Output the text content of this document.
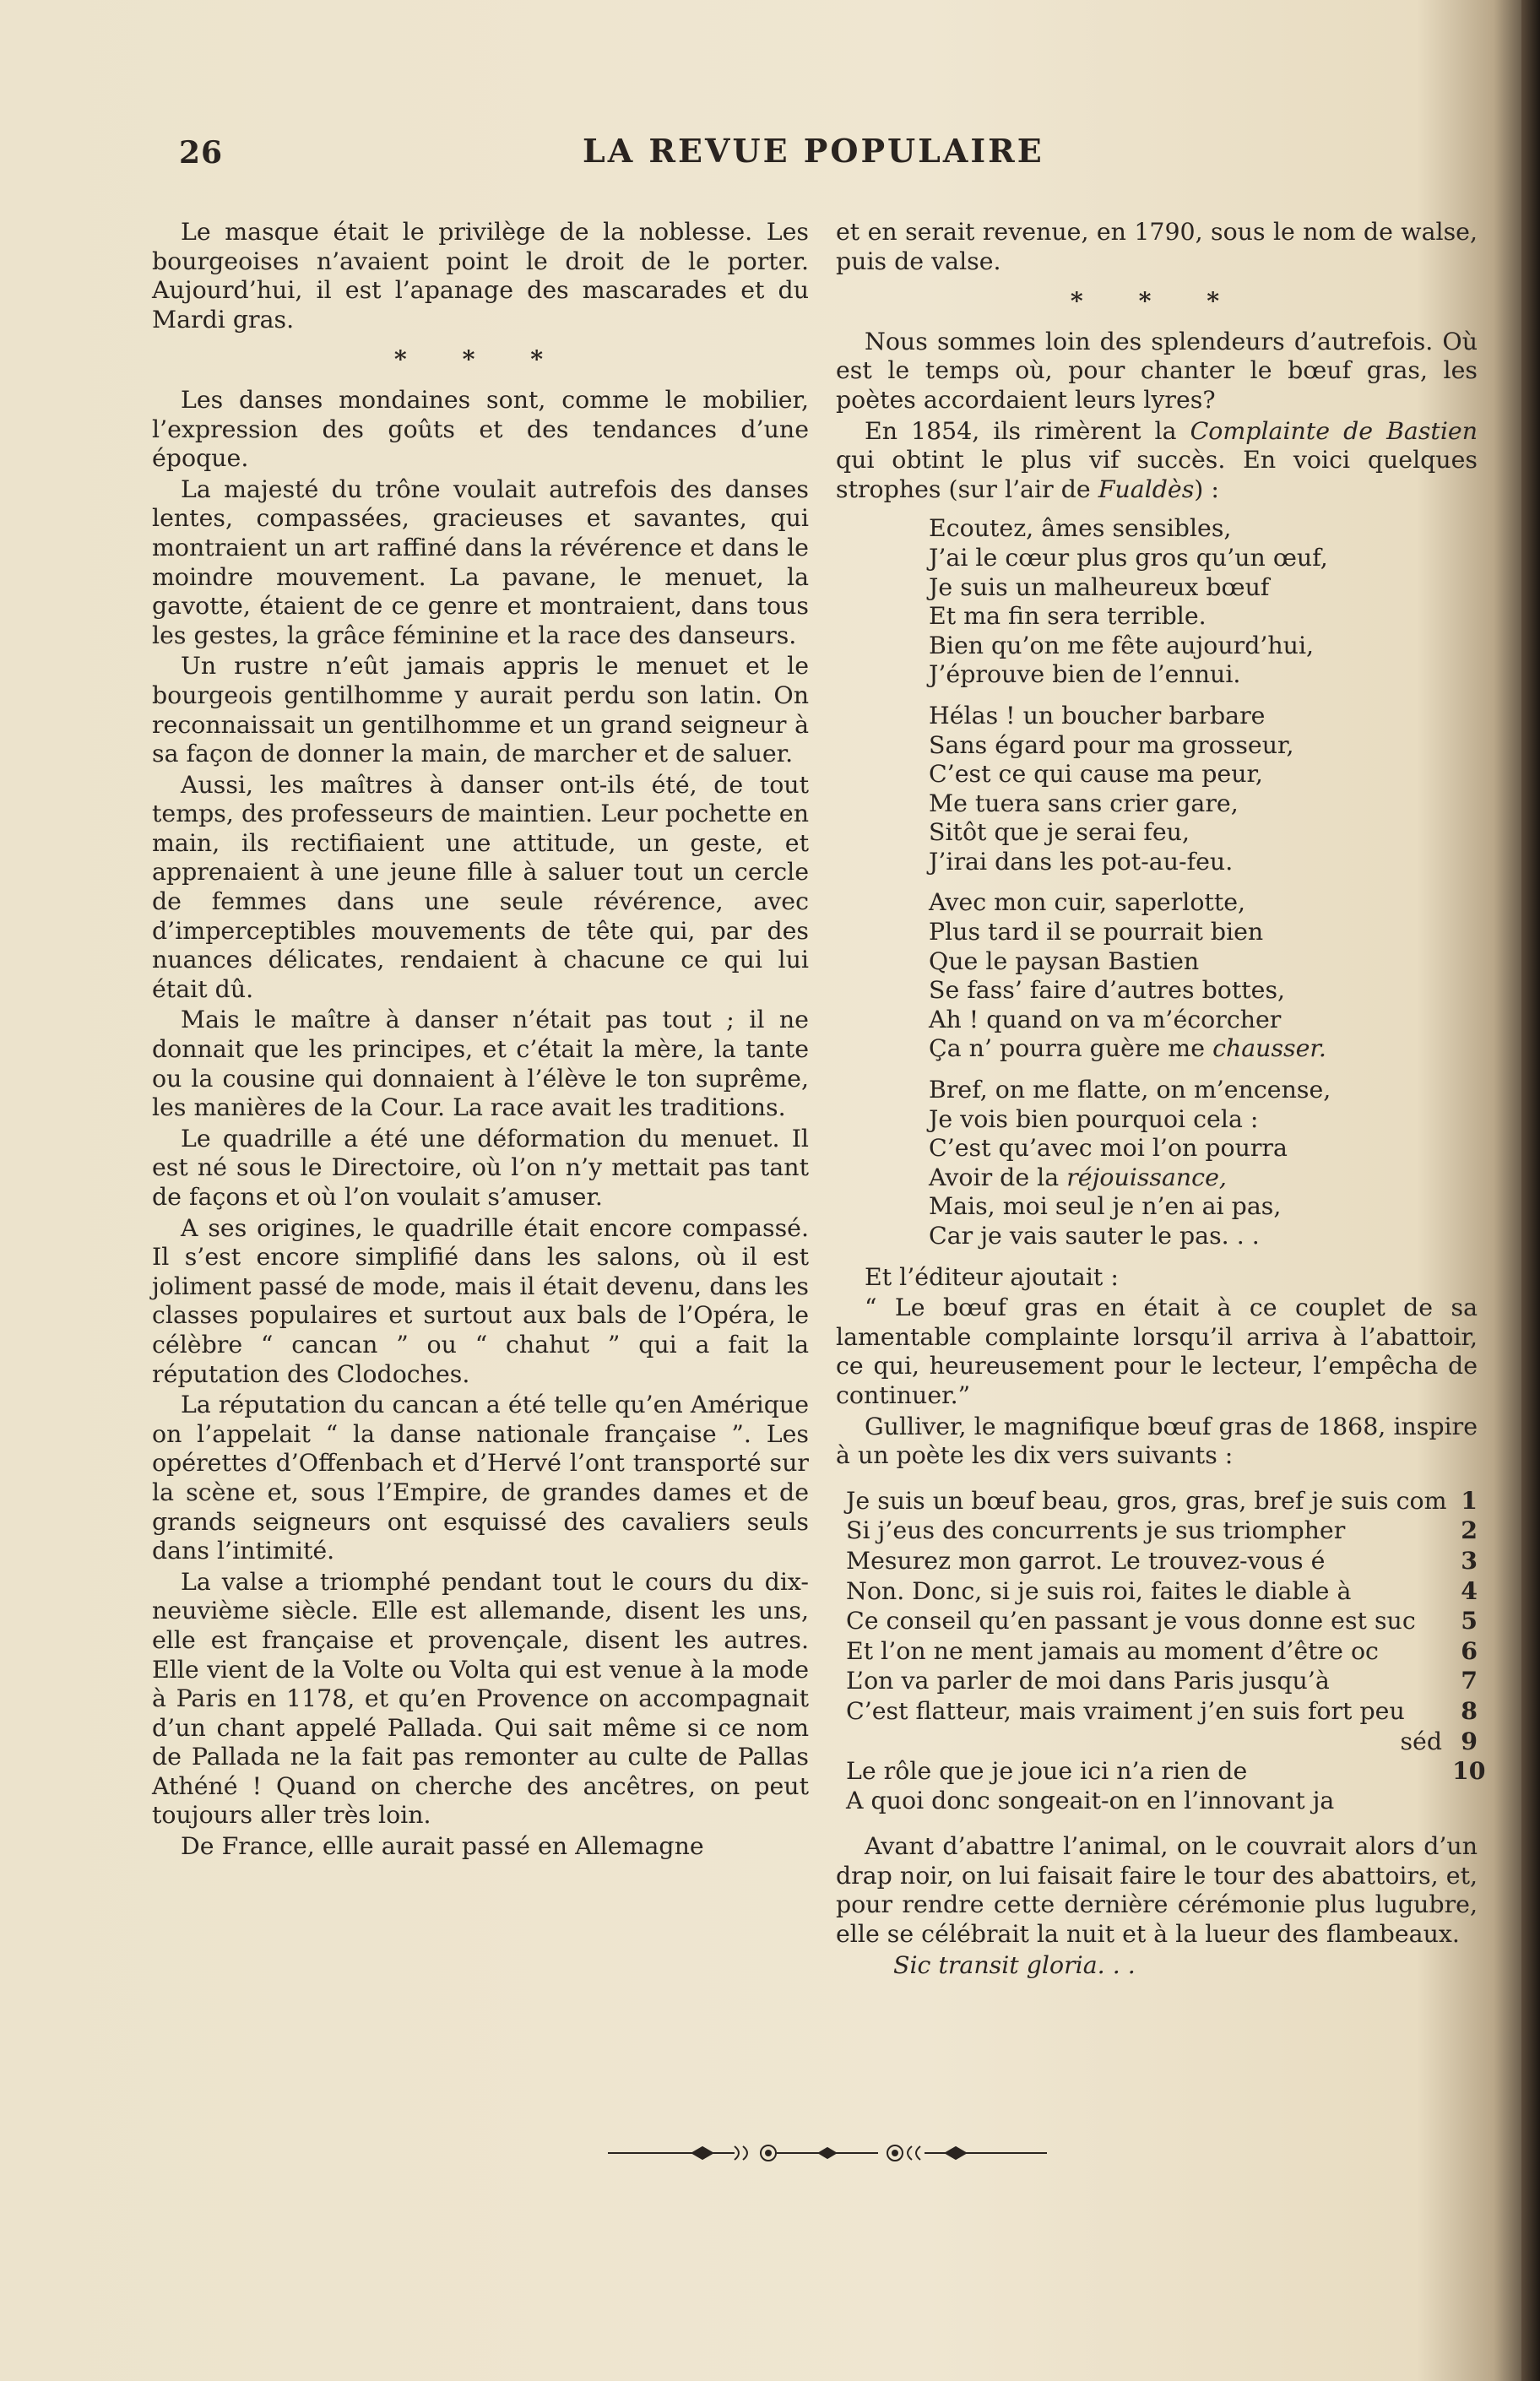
26	LA REVUE POPULAIRE

Le masque était le privilège de la noblesse. Les bourgeoises n’avaient point le droit de le porter. Aujourd’hui, il est l’apanage des mascarades et du Mardi gras.

* * *

Les danses mondaines sont, comme le mobilier, l’expression des goûts et des tendances d’une époque.

La majesté du trône voulait autrefois des danses lentes, compassées, gracieuses et savantes, qui montraient un art raffiné dans la révérence et dans le moindre mouvement. La pavane, le menuet, la gavotte, étaient de ce genre et montraient, dans tous les gestes, la grâce féminine et la race des danseurs.

Un rustre n’eût jamais appris le menuet et le bourgeois gentilhomme y aurait perdu son latin. On reconnaissait un gentilhomme et un grand seigneur à sa façon de donner la main, de marcher et de saluer.

Aussi, les maîtres à danser ont-ils été, de tout temps, des professeurs de maintien. Leur pochette en main, ils rectifiaient une attitude, un geste, et apprenaient à une jeune fille à saluer tout un cercle de femmes dans une seule révérence, avec d’imperceptibles mouvements de tête qui, par des nuances délicates, rendaient à chacune ce qui lui était dû.

Mais le maître à danser n’était pas tout ; il ne donnait que les principes, et c’était la mère, la tante ou la cousine qui donnaient à l’élève le ton suprême, les manières de la Cour. La race avait les traditions.

Le quadrille a été une déformation du menuet. Il est né sous le Directoire, où l’on n’y mettait pas tant de façons et où l’on voulait s’amuser.

A ses origines, le quadrille était encore compassé. Il s’est encore simplifié dans les salons, où il est joliment passé de mode, mais il était devenu, dans les classes populaires et surtout aux bals de l’Opéra, le célèbre “ cancan ” ou “ chahut ” qui a fait la réputation des Clodoches.

La réputation du cancan a été telle qu’en Amérique on l’appelait “ la danse nationale française ”. Les opérettes d’Offenbach et d’Hervé l’ont transporté sur la scène et, sous l’Empire, de grandes dames et de grands seigneurs ont esquissé des cavaliers seuls dans l’intimité.

La valse a triomphé pendant tout le cours du dix-neuvième siècle. Elle est allemande, disent les uns, elle est française et provençale, disent les autres. Elle vient de la Volte ou Volta qui est venue à la mode à Paris en 1178, et qu’en Provence on accompagnait d’un chant appelé Pallada. Qui sait même si ce nom de Pallada ne la fait pas remonter au culte de Pallas Athéné ! Quand on cherche des ancêtres, on peut toujours aller très loin.

De France, ellle aurait passé en Allemagne

et en serait revenue, en 1790, sous le nom de walse, puis de valse.

* * *

Nous sommes loin des splendeurs d’autrefois. Où est le temps où, pour chanter le bœuf gras, les poètes accordaient leurs lyres?

En 1854, ils rimèrent la Complainte de Bastien qui obtint le plus vif succès. En voici quelques strophes (sur l’air de Fualdès) :

Ecoutez, âmes sensibles,
J’ai le cœur plus gros qu’un œuf,
Je suis un malheureux bœuf
Et ma fin sera terrible.
Bien qu’on me fête aujourd’hui,
J’éprouve bien de l’ennui.
Hélas ! un boucher barbare
Sans égard pour ma grosseur,
C’est ce qui cause ma peur,
Me tuera sans crier gare,
Sitôt que je serai feu,
J’irai dans les pot-au-feu.
Avec mon cuir, saperlotte,
Plus tard il se pourrait bien
Que le paysan Bastien
Se fass’ faire d’autres bottes,
Ah ! quand on va m’écorcher
Ça n’ pourra guère me chausser.
Bref, on me flatte, on m’encense,
Je vois bien pourquoi cela :
C’est qu’avec moi l’on pourra
Avoir de la réjouissance,
Mais, moi seul je n’en ai pas,
Car je vais sauter le pas. . .

Et l’éditeur ajoutait :

“ Le bœuf gras en était à ce couplet de sa lamentable complainte lorsqu’il arriva à l’abattoir, ce qui, heureusement pour le lecteur, l’empêcha de continuer.”

Gulliver, le magnifique bœuf gras de 1868, inspire à un poète les dix vers suivants :

Je suis un bœuf beau, gros, gras, bref je suis com 1
Si j’eus des concurrents je sus triompher	2
Mesurez mon garrot. Le trouvez-vous é	3
Non. Donc, si je suis roi, faites le diable à	4
Ce conseil qu’en passant je vous donne est suc	5
Et l’on ne ment jamais au moment d’être oc	6
L’on va parler de moi dans Paris jusqu’à	7
C’est flatteur, mais vraiment j’en suis fort peu	8
séd 9
Le rôle que je joue ici n’a rien de	10
A quoi donc songeait-on en l’innovant ja

Avant d’abattre l’animal, on le couvrait alors d’un drap noir, on lui faisait faire le tour des abattoirs, et, pour rendre cette dernière cérémonie plus lugubre, elle se célébrait la nuit et à la lueur des flambeaux.

Sic transit gloria. . .
